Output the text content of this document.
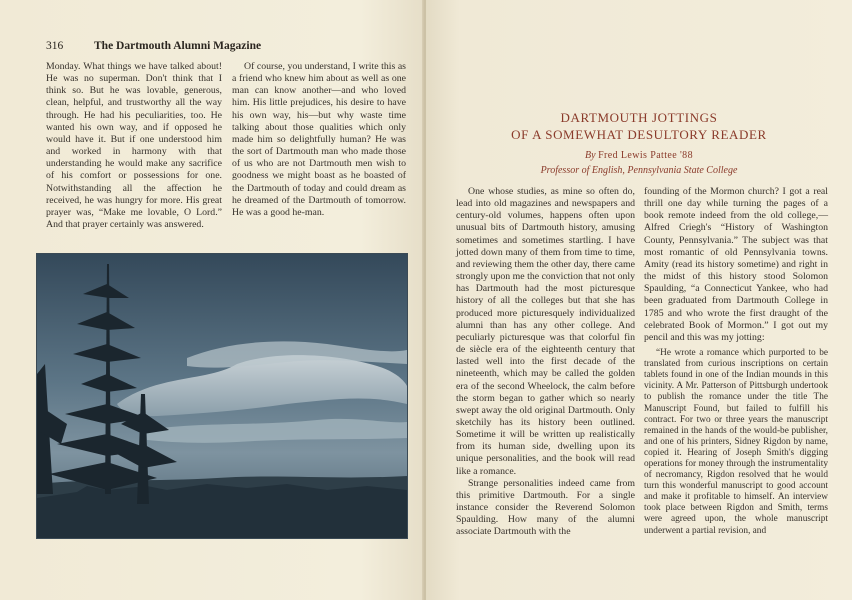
316	The Dartmouth Alumni Magazine

Monday. What things we have talked about! He was no superman. Don't think that I think so. But he was lovable, generous, clean, helpful, and trustworthy all the way through. He had his peculiarities, too. He wanted his own way, and if opposed he would have it. But if one understood him and worked in harmony with that understanding he would make any sacrifice of his comfort or possessions for one. Notwithstanding all the affection he received, he was hungry for more. His great prayer was, “Make me lovable, O Lord.” And that prayer certainly was answered.

Of course, you understand, I write this as a friend who knew him about as well as one man can know another—and who loved him. His little prejudices, his desire to have his own way, his—but why waste time talking about those qualities which only made him so delightfully human? He was the sort of Dartmouth man who made those of us who are not Dartmouth men wish to goodness we might boast as he boasted of the Dartmouth of today and could dream as he dreamed of the Dartmouth of tomorrow. He was a good he-man.

DARTMOUTH JOTTINGS
OF A SOMEWHAT DESULTORY READER
By Fred Lewis Pattee '88
Professor of English, Pennsylvania State College

One whose studies, as mine so often do, lead into old magazines and newspapers and century-old volumes, happens often upon unusual bits of Dartmouth history, amusing sometimes and sometimes startling. I have jotted down many of them from time to time, and reviewing them the other day, there came strongly upon me the conviction that not only has Dartmouth had the most picturesque history of all the colleges but that she has produced more picturesquely individualized alumni than has any other college. And peculiarly picturesque was that colorful fin de siècle era of the eighteenth century that lasted well into the first decade of the nineteenth, which may be called the golden era of the second Wheelock, the calm before the storm began to gather which so nearly swept away the old original Dartmouth. Only sketchily has its history been outlined. Sometime it will be written up realistically from its human side, dwelling upon its unique personalities, and the book will read like a romance.

Strange personalities indeed came from this primitive Dartmouth. For a single instance consider the Reverend Solomon Spaulding. How many of the alumni associate Dartmouth with the

founding of the Mormon church? I got a real thrill one day while turning the pages of a book remote indeed from the old college,—Alfred Criegh's “History of Washington County, Pennsylvania.” The subject was that most romantic of old Pennsylvania towns. Amity (read its history sometime) and right in the midst of this history stood Solomon Spaulding, “a Connecticut Yankee, who had been graduated from Dartmouth College in 1785 and who wrote the first draught of the celebrated Book of Mormon.” I got out my pencil and this was my jotting:

“He wrote a romance which purported to be translated from curious inscriptions on certain tablets found in one of the Indian mounds in this vicinity. A Mr. Patterson of Pittsburgh undertook to publish the romance under the title The Manuscript Found, but failed to fulfill his contract. For two or three years the manuscript remained in the hands of the would-be publisher, and one of his printers, Sidney Rigdon by name, copied it. Hearing of Joseph Smith's digging operations for money through the instrumentality of necromancy, Rigdon resolved that he would turn this wonderful manuscript to good account and make it profitable to himself. An interview took place between Rigdon and Smith, terms were agreed upon, the whole manuscript underwent a partial revision, and
